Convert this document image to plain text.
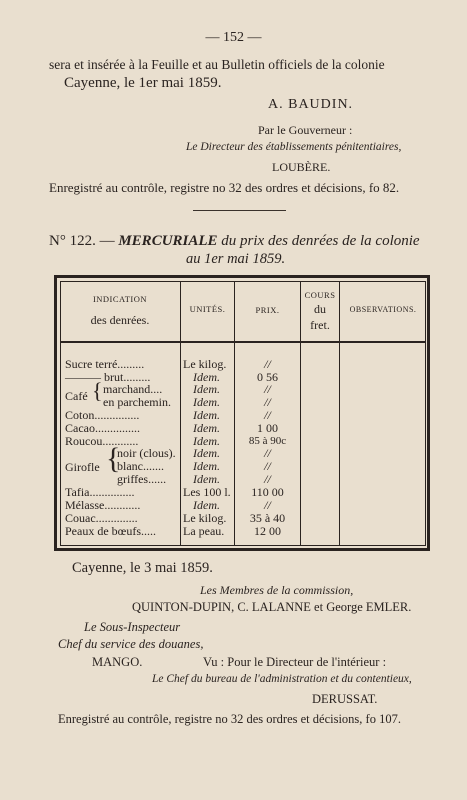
— 152 —
sera et insérée à la Feuille et au Bulletin officiels de la colonie
Cayenne, le 1er mai 1859.
A. BAUDIN.
Par le Gouverneur :
Le Directeur des établissements pénitentiaires,
LOUBÈRE.
Enregistré au contrôle, registre no 32 des ordres et décisions, fo 82.
N° 122. — MERCURIALE du prix des denrées de la colonie
au 1er mai 1859.
INDICATION
des denrées.
UNITÉS.	PRIX.
COURS
du
fret.
OBSERVATIONS.
Sucre terré.........
——— brut.........
Café { marchand....
en parchemin.
Coton...............
Cacao...............
Roucou............
Girofle {
noir (clous).
blanc.......
griffes......
Tafia...............
Mélasse............
Couac..............
Peaux de bœufs.....
Le kilog.
Idem.
Idem.
Idem.
Idem.
Idem.
Idem.
Idem.
Idem.
Idem.
Les 100 l.
Idem.
Le kilog.
La peau.
//
0 56
//
//
//
1 00
85 à 90c
//
//
//
110 00
//
35 à 40
12 00
Cayenne, le 3 mai 1859.
Les Membres de la commission,
QUINTON-DUPIN, C. LALANNE et George EMLER.
Le Sous-Inspecteur
Chef du service des douanes,
MANGO.	Vu : Pour le Directeur de l'intérieur :
Le Chef du bureau de l'administration et du contentieux,
DERUSSAT.
Enregistré au contrôle, registre no 32 des ordres et décisions, fo 107.
